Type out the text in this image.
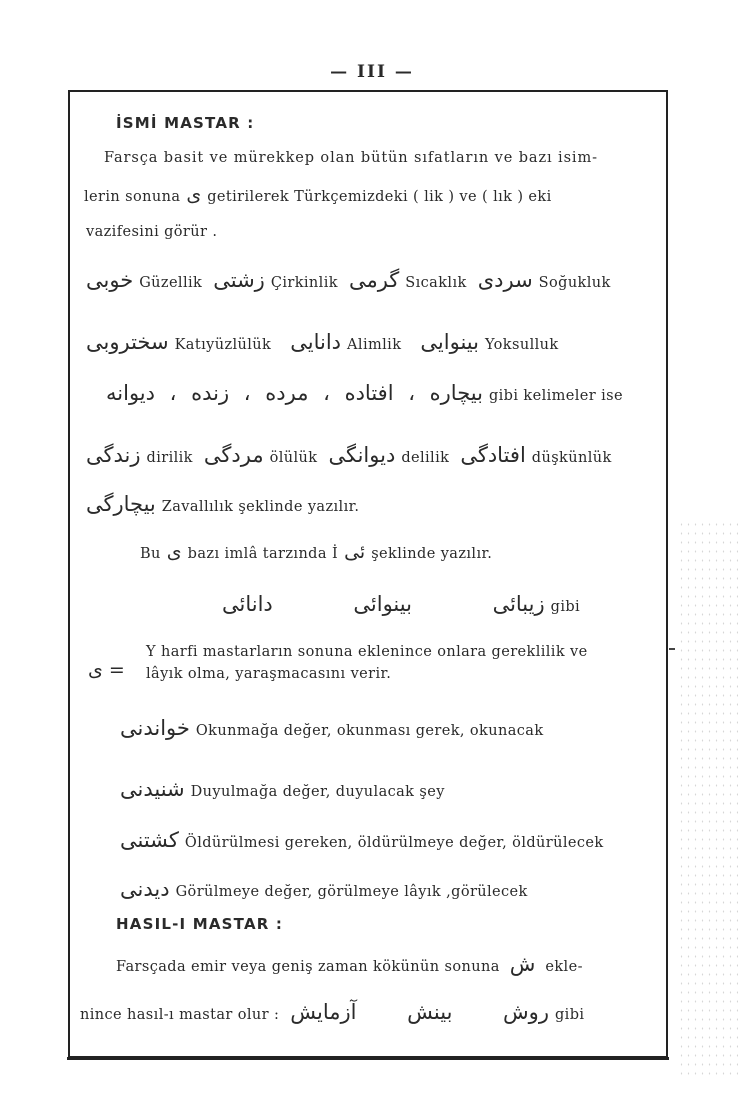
— III —
İSMİ MASTAR :
Farsça basit ve mürekkep olan bütün sıfatların ve bazı isim-
lerin sonuna ى getirilerek Türkçemizdeki ( lik ) ve ( lık ) eki
vazifesini görür .
خوبى Güzellik زشتى Çirkinlik گرمى Sıcaklık سردى Soğukluk
سختروبى Katıyüzlülük دانايى Alimlik بينوايى Yoksulluk
بیچاره ، افتاده ، مرده ، زنده ، دیوانه gibi kelimeler ise
زندگى dirilik مردگى ölülük ديوانگى delilik افتادگى düşkünlük
بيچارگى Zavallılık şeklinde yazılır.
Bu ى bazı imlâ tarzında İ ئى şeklinde yazılır.
دانائى	بينوائى	زيبائى gibi
ى =
Y harfi mastarların sonuna eklenince onlara gereklilik ve
lâyık olma, yaraşmacasını verir.
خواندنى Okunmağa değer, okunması gerek, okunacak
شنيدنى Duyulmağa değer, duyulacak şey
كشتنى Öldürülmesi gereken, öldürülmeye değer, öldürülecek
ديدنى Görülmeye değer, görülmeye lâyık ,görülecek
HASIL-I MASTAR :
Farsçada emir veya geniş zaman kökünün sonuna ش ekle-
nince hasıl-ı mastar olur : آزمايش بينش روش gibi
